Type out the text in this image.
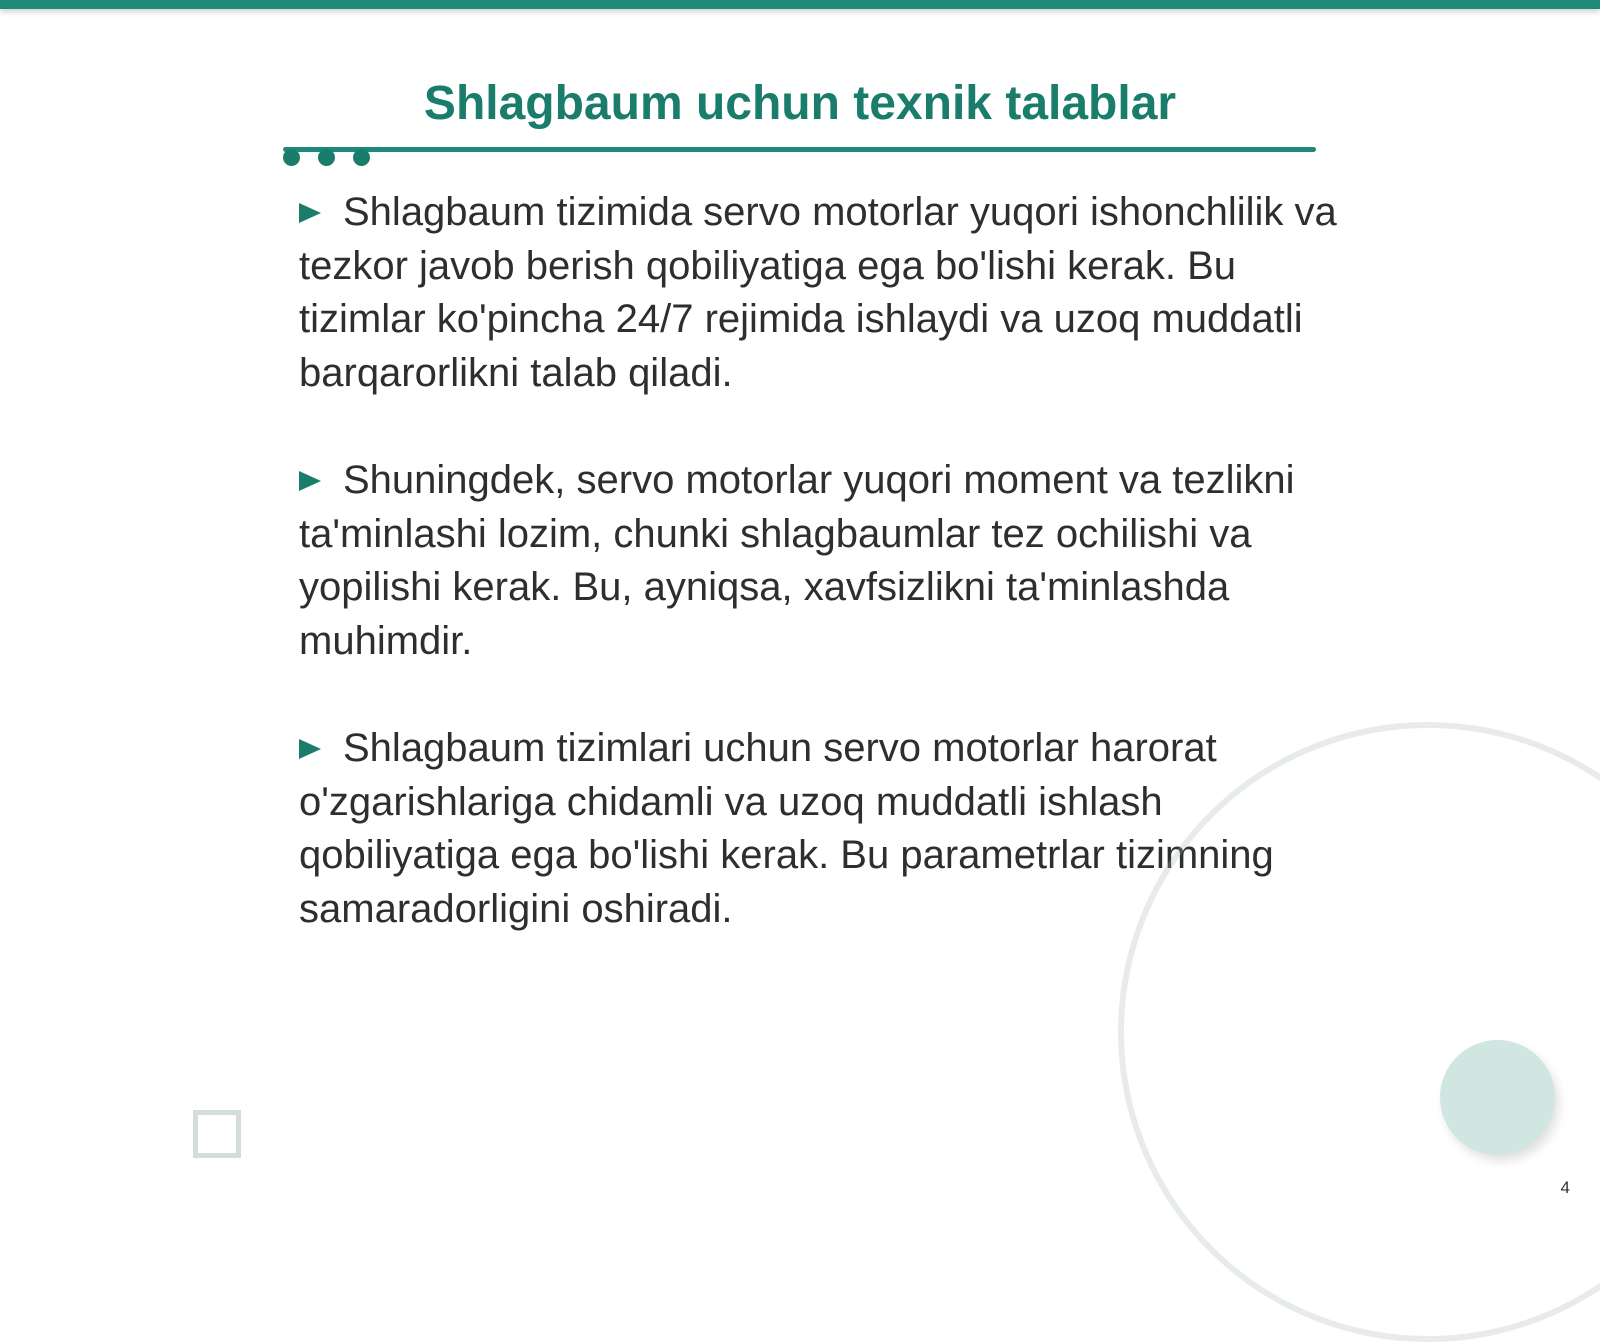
Shlagbaum uchun texnik talablar
Shlagbaum tizimida servo motorlar yuqori ishonchlilik va tezkor javob berish qobiliyatiga ega bo'lishi kerak. Bu tizimlar ko'pincha 24/7 rejimida ishlaydi va uzoq muddatli barqarorlikni talab qiladi.
Shuningdek, servo motorlar yuqori moment va tezlikni ta'minlashi lozim, chunki shlagbaumlar tez ochilishi va yopilishi kerak. Bu, ayniqsa, xavfsizlikni ta'minlashda muhimdir.
Shlagbaum tizimlari uchun servo motorlar harorat o'zgarishlariga chidamli va uzoq muddatli ishlash qobiliyatiga ega bo'lishi kerak. Bu parametrlar tizimning samaradorligini oshiradi.
4
